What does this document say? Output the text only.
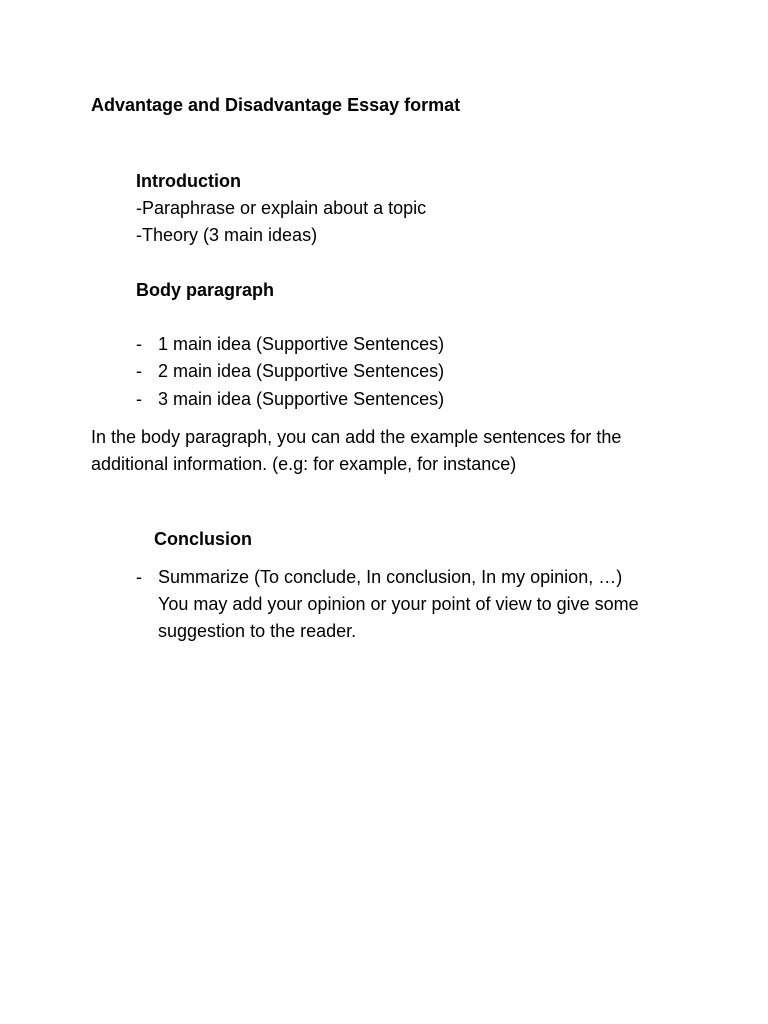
Advantage and Disadvantage Essay format

Introduction

-Paraphrase or explain about a topic

-Theory (3 main ideas)

Body paragraph

- 1 main idea (Supportive Sentences)
- 2 main idea (Supportive Sentences)
- 3 main idea (Supportive Sentences)

In the body paragraph, you can add the example sentences for the

additional information. (e.g: for example, for instance)

Conclusion

- Summarize (To conclude, In conclusion, In my opinion, …)

You may add your opinion or your point of view to give some

suggestion to the reader.
